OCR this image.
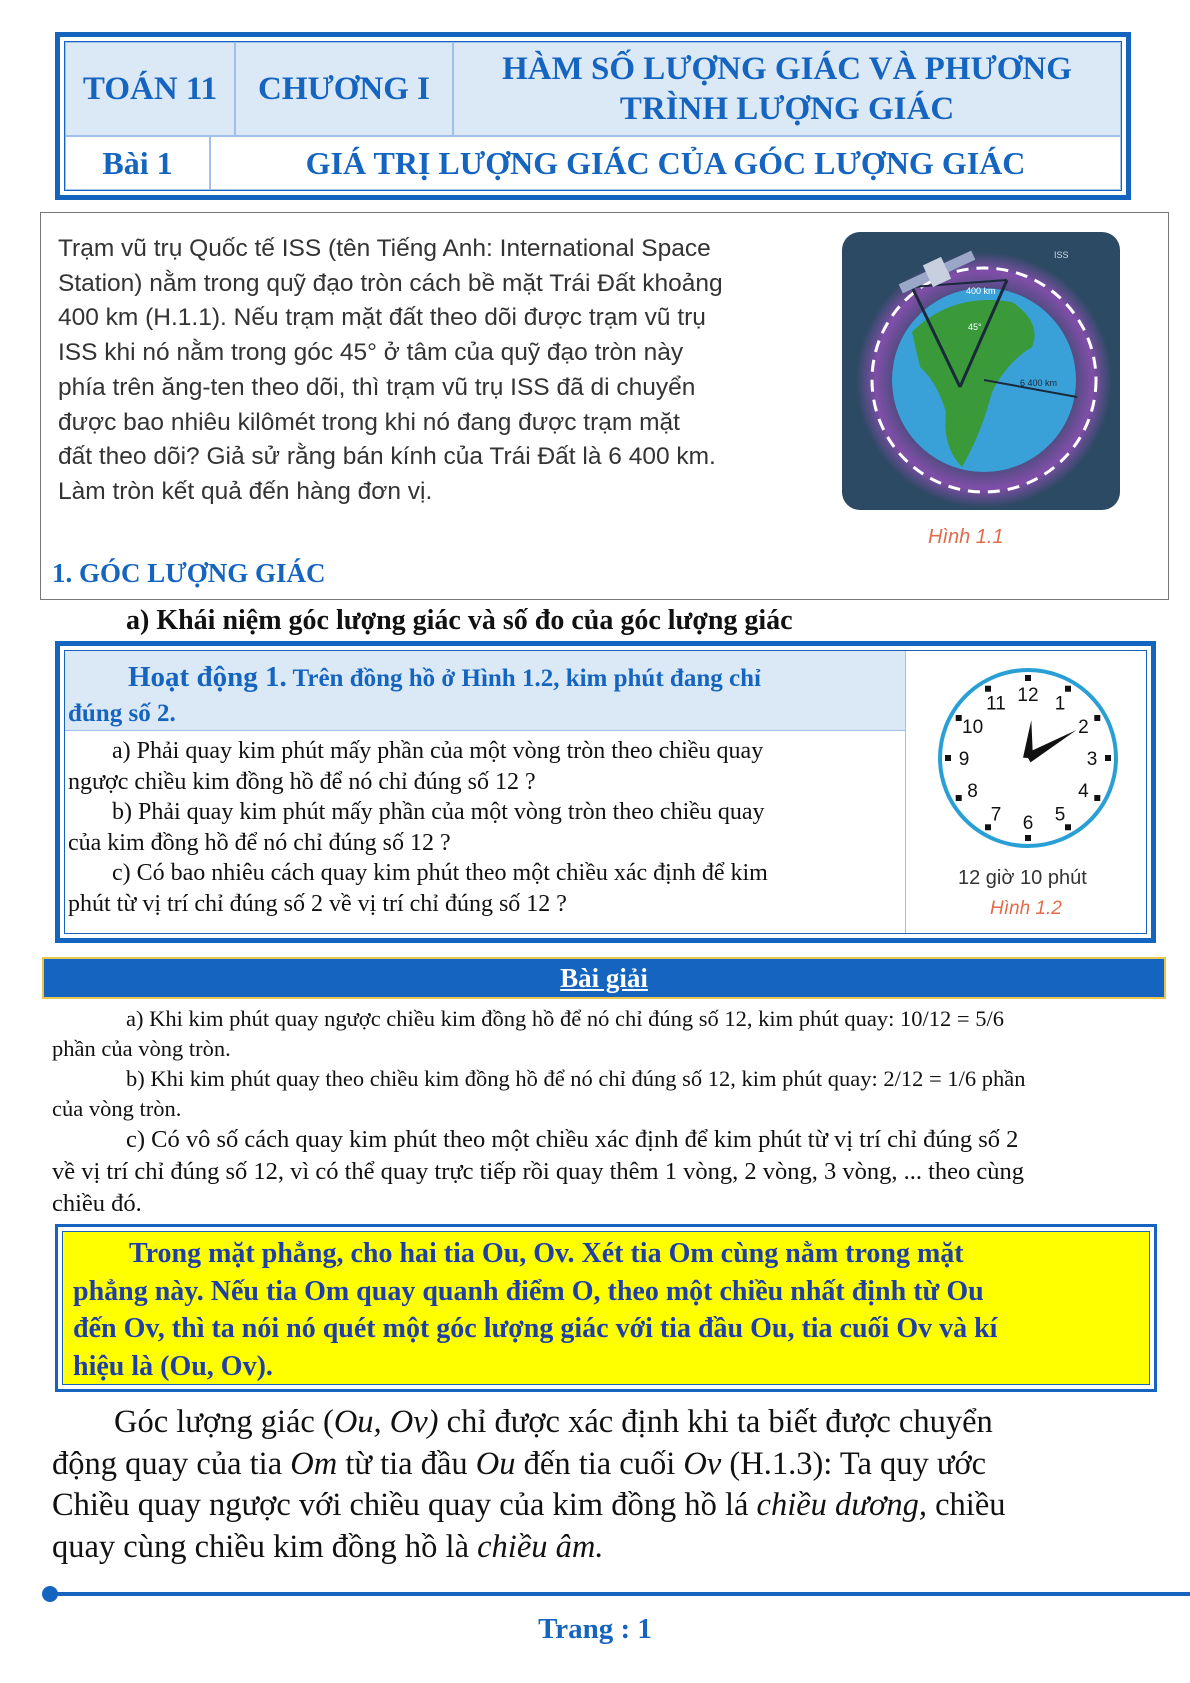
TOÁN 11	CHƯƠNG I
HÀM SỐ LƯỢNG GIÁC VÀ PHƯƠNG
TRÌNH LƯỢNG GIÁC
Bài 1	GIÁ TRỊ LƯỢNG GIÁC CỦA GÓC LƯỢNG GIÁC
Trạm vũ trụ Quốc tế ISS (tên Tiếng Anh: International Space
Station) nằm trong quỹ đạo tròn cách bề mặt Trái Đất khoảng
400 km (H.1.1). Nếu trạm mặt đất theo dõi được trạm vũ trụ
ISS khi nó nằm trong góc 45° ở tâm của quỹ đạo tròn này
phía trên ăng-ten theo dõi, thì trạm vũ trụ ISS đã di chuyển
được bao nhiêu kilômét trong khi nó đang được trạm mặt
đất theo dõi? Giả sử rằng bán kính của Trái Đất là 6 400 km.
Làm tròn kết quả đến hàng đơn vị.
ISS
400 km
45°
6 400 km
Hình 1.1
1. GÓC LƯỢNG GIÁC
a) Khái niệm góc lượng giác và số đo của góc lượng giác
Hoạt động 1. Trên đồng hồ ở Hình 1.2, kim phút đang chỉ
đúng số 2.
a) Phải quay kim phút mấy phần của một vòng tròn theo chiều quay
ngược chiều kim đồng hồ để nó chỉ đúng số 12 ?
b) Phải quay kim phút mấy phần của một vòng tròn theo chiều quay
của kim đồng hồ để nó chỉ đúng số 12 ?
c) Có bao nhiêu cách quay kim phút theo một chiều xác định để kim
phút từ vị trí chỉ đúng số 2 về vị trí chỉ đúng số 12 ?
12 1
2
3
4
5
6
7
8
9
10
11
12 giờ 10 phút
Hình 1.2
Bài giải
a) Khi kim phút quay ngược chiều kim đồng hồ để nó chỉ đúng số 12, kim phút quay: 10/12 = 5/6
phần của vòng tròn.
b) Khi kim phút quay theo chiều kim đồng hồ để nó chỉ đúng số 12, kim phút quay: 2/12 = 1/6 phần
của vòng tròn.
c) Có vô số cách quay kim phút theo một chiều xác định để kim phút từ vị trí chỉ đúng số 2
về vị trí chỉ đúng số 12, vì có thể quay trực tiếp rồi quay thêm 1 vòng, 2 vòng, 3 vòng, ... theo cùng
chiều đó.
Trong mặt phẳng, cho hai tia Ou, Ov. Xét tia Om cùng nằm trong mặt
phẳng này. Nếu tia Om quay quanh điểm O, theo một chiều nhất định từ Ou
đến Ov, thì ta nói nó quét một góc lượng giác với tia đầu Ou, tia cuối Ov và kí
hiệu là (Ou, Ov).
Góc lượng giác (Ou, Ov) chỉ được xác định khi ta biết được chuyển
động quay của tia Om từ tia đầu Ou đến tia cuối Ov (H.1.3): Ta quy ước
Chiều quay ngược với chiều quay của kim đồng hồ lá chiều dương, chiều
quay cùng chiều kim đồng hồ là chiều âm.
Trang : 1
